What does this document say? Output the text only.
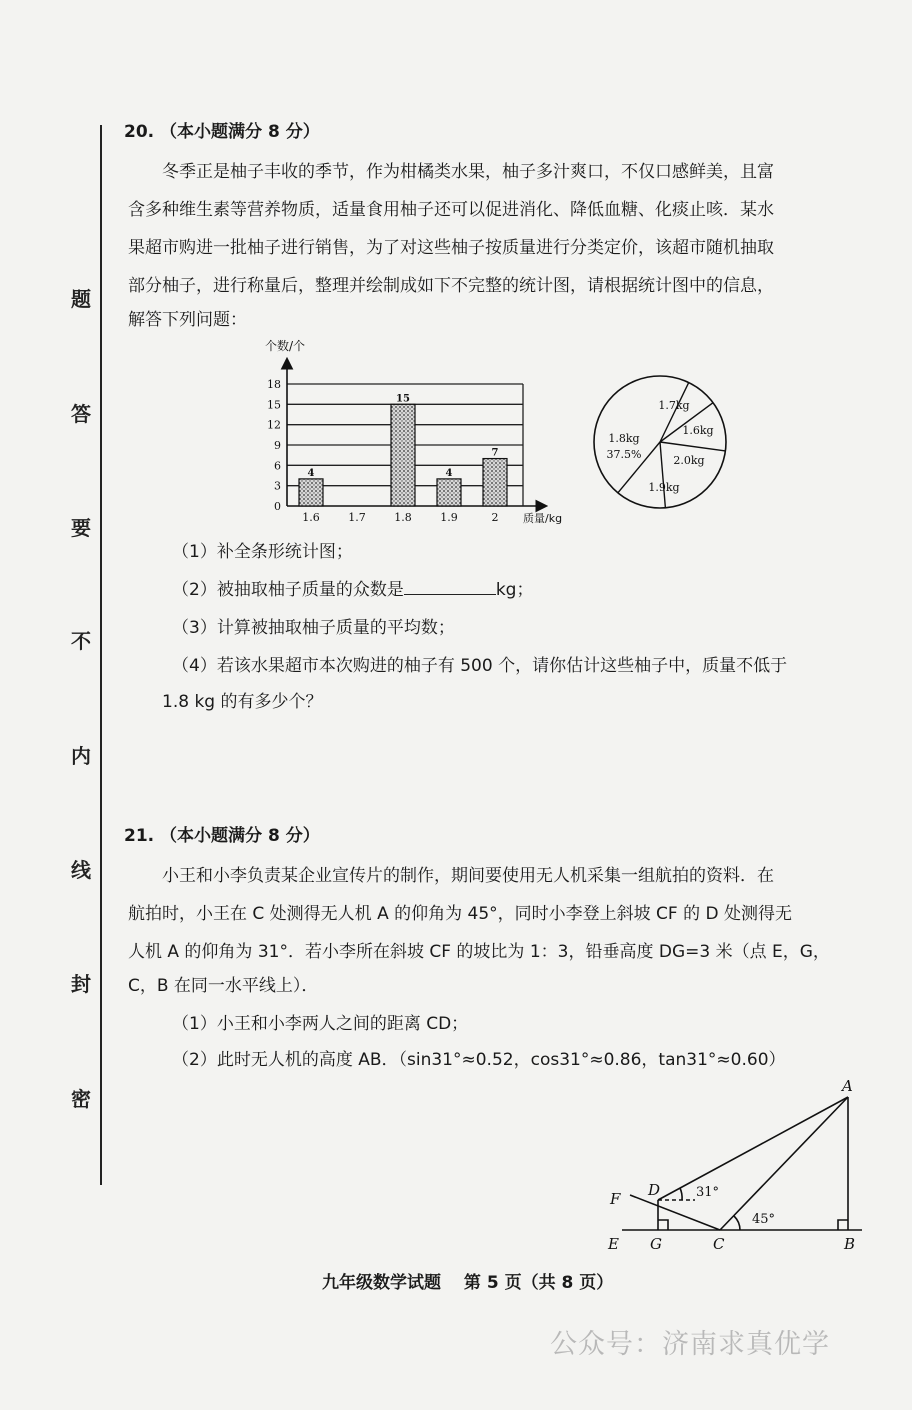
题
答
要
不
内
线
封
密
20. （本小题满分 8 分）
冬季正是柚子丰收的季节，作为柑橘类水果，柚子多汁爽口，不仅口感鲜美，且富
含多种维生素等营养物质，适量食用柚子还可以促进消化、降低血糖、化痰止咳．某水
果超市购进一批柚子进行销售，为了对这些柚子按质量进行分类定价，该超市随机抽取
部分柚子，进行称量后，整理并绘制成如下不完整的统计图，请根据统计图中的信息，
解答下列问题：
个数/个
质量/kg
0
3
6
9
12
15
18
4
1.6	1.7
15
1.8
4
1.9
7
2
1.7kg
1.6kg
2.0kg
1.9kg
1.8kg
37.5%
（1）补全条形统计图；
（2）被抽取柚子质量的众数是	kg；
（3）计算被抽取柚子质量的平均数；
（4）若该水果超市本次购进的柚子有 500 个，请你估计这些柚子中，质量不低于
1.8 kg 的有多少个？
21. （本小题满分 8 分）
小王和小李负责某企业宣传片的制作，期间要使用无人机采集一组航拍的资料．在
航拍时，小王在 C 处测得无人机 A 的仰角为 45°，同时小李登上斜坡 CF 的 D 处测得无
人机 A 的仰角为 31°．若小李所在斜坡 CF 的坡比为 1：3，铅垂高度 DG=3 米（点 E，G，
C，B 在同一水平线上）．
（1）小王和小李两人之间的距离 CD；
（2）此时无人机的高度 AB．（sin31°≈0.52，cos31°≈0.86，tan31°≈0.60）
A
B
C
D
E
F
G
31°
45°
九年级数学试题　 第 5 页（共 8 页）
公众号：济南求真优学
